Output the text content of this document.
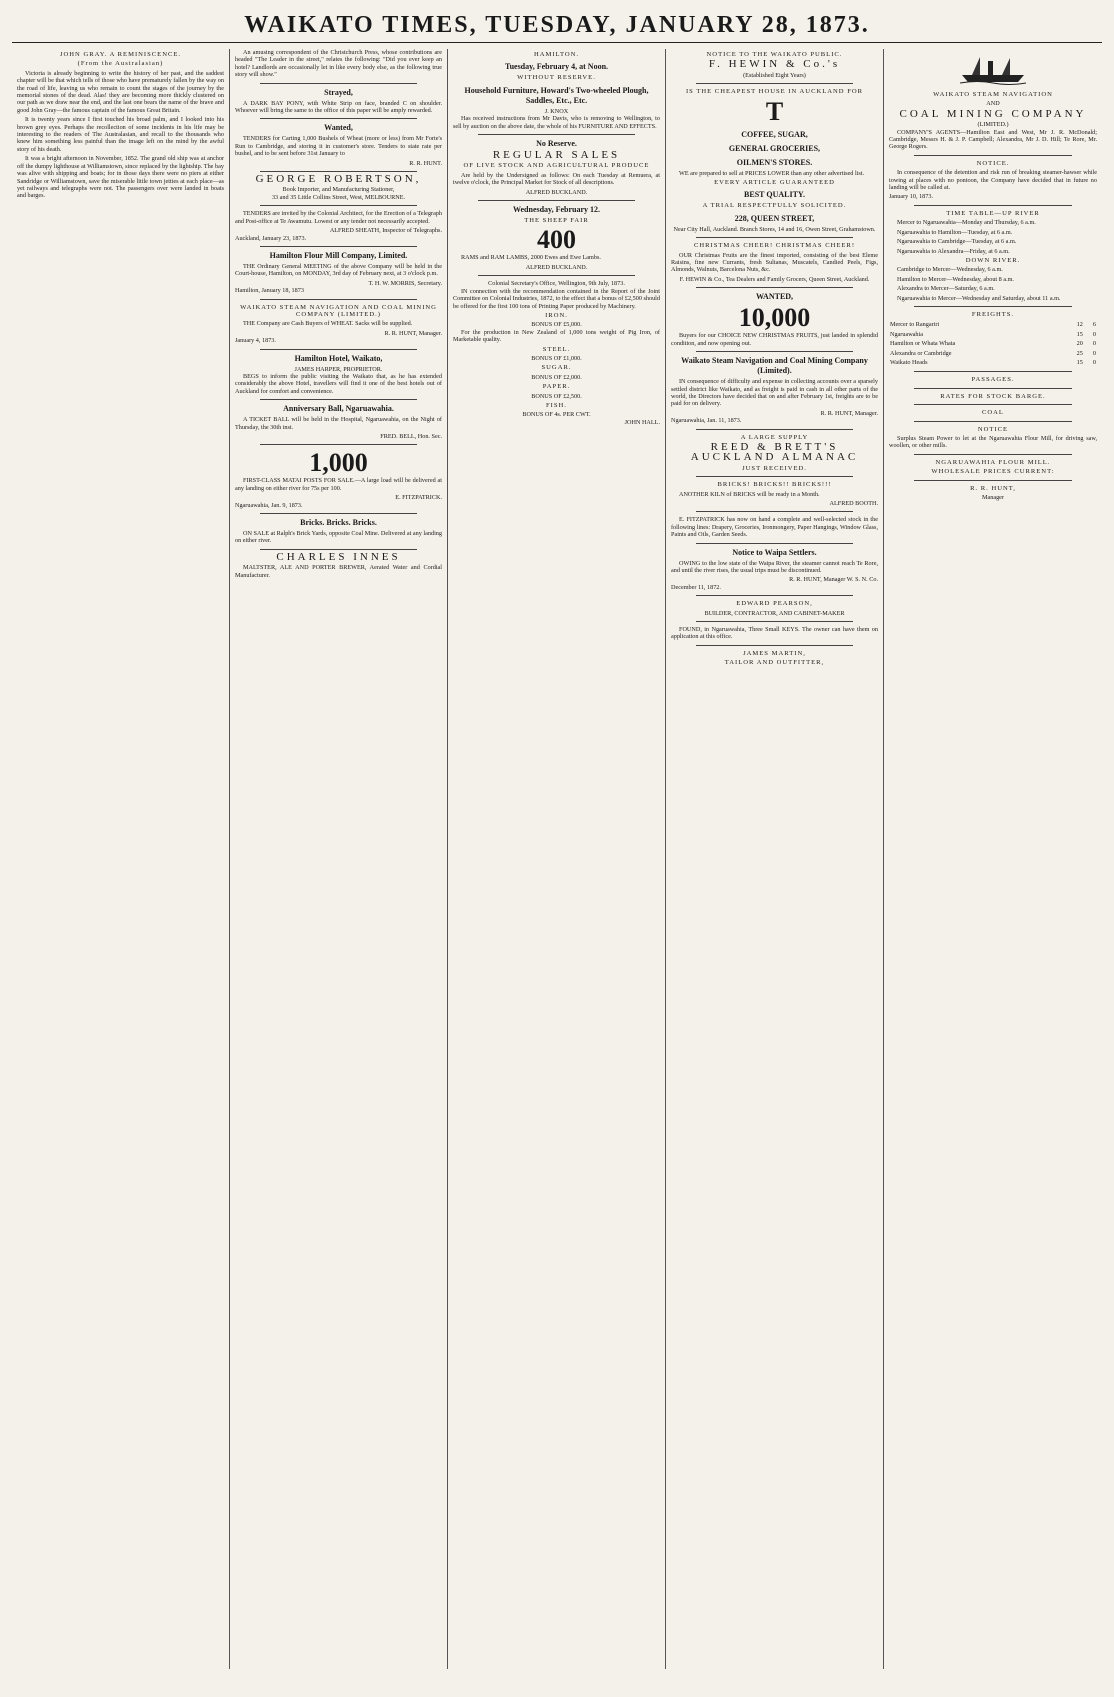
WAIKATO TIMES, TUESDAY, JANUARY 28, 1873.
JOHN GRAY. A REMINISCENCE.
(From the Australasian)

Victoria is already beginning to write the history of her past, and the saddest chapter will be that which tells of those who have prematurely fallen by the way on the road of life, leaving us who remain to count the stages of the journey by the memorial stones of the dead. Alas! they are becoming more thickly clustered on our path as we draw near the end, and the last one bears the name of the brave and good John Gray—the famous captain of the famous Great Britain.

It is twenty years since I first touched his broad palm, and I looked into his brown grey eyes. Perhaps the recollection of some incidents in his life may be interesting to the readers of The Australasian, and recall to the thousands who knew him something less painful than the image left on the mind by the awful story of his death.

It was a bright afternoon in November, 1852. The grand old ship was at anchor off the dumpy lighthouse at Williamstown, since replaced by the lightship. The bay was alive with shipping and boats; for in those days there were no piers at either Sandridge or Williamstown, save the miserable little town jetties at each place—as yet railways and telegraphs were not. The passengers over were landed in boats and barges.

An amusing correspondent of the Christchurch Press, whose contributions are headed "The Leader in the street," relates the following: "Did you ever keep an hotel? Landlords are occasionally let in like every body else, as the following true story will show."

Strayed,

A DARK BAY PONY, with White Strip on face, branded C on shoulder. Whoever will bring the same to the office of this paper will be amply rewarded.

Wanted,

TENDERS for Carting 1,000 Bushels of Wheat (more or less) from Mr Forte's Run to Cambridge, and storing it in customer's store. Tenders to state rate per bushel, and to be sent before 31st January to

R. R. HUNT.
GEORGE ROBERTSON,
Book Importer, and Manufacturing Stationer,
33 and 35 Little Collins Street, West, MELBOURNE.

TENDERS are invited by the Colonial Architect, for the Erection of a Telegraph and Post-office at Te Awamutu. Lowest or any tender not necessarily accepted.

ALFRED SHEATH, Inspector of Telegraphs.
Auckland, January 23, 1873.
Hamilton Flour Mill Company, Limited.

THE Ordinary General MEETING of the above Company will be held in the Court-house, Hamilton, on MONDAY, 3rd day of February next, at 3 o'clock p.m.

T. H. W. MORRIS, Secretary.
Hamilton, January 18, 1873
WAIKATO STEAM NAVIGATION AND COAL MINING COMPANY (LIMITED.)

THE Company are Cash Buyers of WHEAT. Sacks will be supplied.

R. R. HUNT, Manager.
January 4, 1873.
Hamilton Hotel, Waikato,
JAMES HARPER, PROPRIETOR.

BEGS to inform the public visiting the Waikato that, as he has extended considerably the above Hotel, travellers will find it one of the best hotels out of Auckland for comfort and convenience.

Anniversary Ball, Ngaruawahia.

A TICKET BALL will be held in the Hospital, Ngaruawahia, on the Night of Thursday, the 30th inst.

FRED. BELL, Hon. Sec.
1,000

FIRST-CLASS MATAI POSTS FOR SALE.—A large load will be delivered at any landing on either river for 75s per 100.

E. FITZPATRICK.
Ngaruawahia, Jan. 9, 1873.
Bricks. Bricks. Bricks.

ON SALE at Ralph's Brick Yards, opposite Coal Mine. Delivered at any landing on either river.

CHARLES INNES

MALTSTER, ALE AND PORTER BREWER, Aerated Water and Cordial Manufacturer.

HAMILTON.
Tuesday, February 4, at Noon.
WITHOUT RESERVE.
Household Furniture, Howard's Two-wheeled Plough, Saddles, Etc., Etc.
J. KNOX

Has received instructions from Mr Davis, who is removing to Wellington, to sell by auction on the above date, the whole of his FURNITURE AND EFFECTS.

No Reserve.
REGULAR SALES
OF LIVE STOCK AND AGRICULTURAL PRODUCE

Are held by the Undersigned as follows: On each Tuesday at Remuera, at twelve o'clock, the Principal Market for Stock of all descriptions.

ALFRED BUCKLAND.
Wednesday, February 12.
THE SHEEP FAIR
400

RAMS and RAM LAMBS, 2000 Ewes and Ewe Lambs.

ALFRED BUCKLAND.
Colonial Secretary's Office, Wellington, 9th July, 1873.

IN connection with the recommendation contained in the Report of the Joint Committee on Colonial Industries, 1872, to the effect that a bonus of £2,500 should be offered for the first 100 tons of Printing Paper produced by Machinery.

IRON.
BONUS OF £5,000.

For the production in New Zealand of 1,000 tons weight of Pig Iron, of Marketable quality.

STEEL.
BONUS OF £1,000.
SUGAR.
BONUS OF £2,000.
PAPER.
BONUS OF £2,500.
FISH.
BONUS OF 4s. PER CWT.
JOHN HALL.
NOTICE TO THE WAIKATO PUBLIC.
F. HEWIN & Co.'s
(Established Eight Years)
IS THE CHEAPEST HOUSE IN AUCKLAND FOR
T
COFFEE, SUGAR,
GENERAL GROCERIES,
OILMEN'S STORES.

WE are prepared to sell at PRICES LOWER than any other advertised list.

EVERY ARTICLE GUARANTEED
BEST QUALITY.
A TRIAL RESPECTFULLY SOLICITED.
228, QUEEN STREET,
Near City Hall, Auckland. Branch Stores, 14 and 16, Owen Street, Grahamstown.
CHRISTMAS CHEER! CHRISTMAS CHEER!

OUR Christmas Fruits are the finest imported, consisting of the best Eleme Raisins, fine new Currants, fresh Sultanas, Muscatels, Candied Peels, Figs, Almonds, Walnuts, Barcelona Nuts, &c.

F. HEWIN & Co., Tea Dealers and Family Grocers, Queen Street, Auckland.
WANTED,
10,000

Buyers for our CHOICE NEW CHRISTMAS FRUITS, just landed in splendid condition, and now opening out.

Waikato Steam Navigation and Coal Mining Company (Limited).

IN consequence of difficulty and expense in collecting accounts over a sparsely settled district like Waikato, and as freight is paid in cash in all other parts of the world, the Directors have decided that on and after February 1st, freights are to be paid for on delivery.

R. R. HUNT, Manager.
Ngaruawahia, Jan. 11, 1873.
A LARGE SUPPLY
REED & BRETT'S
AUCKLAND ALMANAC
JUST RECEIVED.
BRICKS! BRICKS!! BRICKS!!!

ANOTHER KILN of BRICKS will be ready in a Month.

ALFRED BOOTH.

E. FITZPATRICK has now on hand a complete and well-selected stock in the following lines: Drapery, Groceries, Ironmongery, Paper Hangings, Window Glass, Paints and Oils, Garden Seeds.

Notice to Waipa Settlers.

OWING to the low state of the Waipa River, the steamer cannot reach Te Rore, and until the river rises, the usual trips must be discontinued.

R. R. HUNT, Manager W. S. N. Co.
December 11, 1872.
EDWARD PEARSON,
BUILDER, CONTRACTOR, AND CABINET-MAKER

FOUND, in Ngaruawahia, Three Small KEYS. The owner can have them on application at this office.

JAMES MARTIN,
TAILOR AND OUTFITTER,
WAIKATO STEAM NAVIGATION
AND
COAL MINING COMPANY
(LIMITED.)

COMPANY'S AGENTS—Hamilton East and West, Mr J. R. McDonald; Cambridge, Messrs H. & J. P. Campbell; Alexandra, Mr J. D. Hill; Te Rore, Mr. George Rogers.

NOTICE.

In consequence of the detention and risk run of breaking steamer-hawser while towing at places with no pontoon, the Company have decided that in future no landing will be called at.

January 10, 1873.
TIME TABLE—UP RIVER

Mercer to Ngaruawahia—Monday and Thursday, 6 a.m.

Ngaruawahia to Hamilton—Tuesday, at 6 a.m.

Ngaruawahia to Cambridge—Tuesday, at 6 a.m.

Ngaruawahia to Alexandra—Friday, at 6 a.m.

DOWN RIVER.

Cambridge to Mercer—Wednesday, 6 a.m.

Hamilton to Mercer—Wednesday, about 8 a.m.

Alexandra to Mercer—Saturday, 6 a.m.

Ngaruawahia to Mercer—Wednesday and Saturday, about 11 a.m.

FREIGHTS.
Mercer to Rangariri	12	6
Ngaruawahia	15	0
Hamilton or Whata Whata	20	0
Alexandra or Cambridge	25	0
Waikato Heads	15	0
PASSAGES.
RATES FOR STOCK BARGE.
COAL
NOTICE

Surplus Steam Power to let at the Ngaruawahia Flour Mill, for driving saw, woollen, or other mills.

NGARUAWAHIA FLOUR MILL.
WHOLESALE PRICES CURRENT:
R. R. HUNT,
Manager
